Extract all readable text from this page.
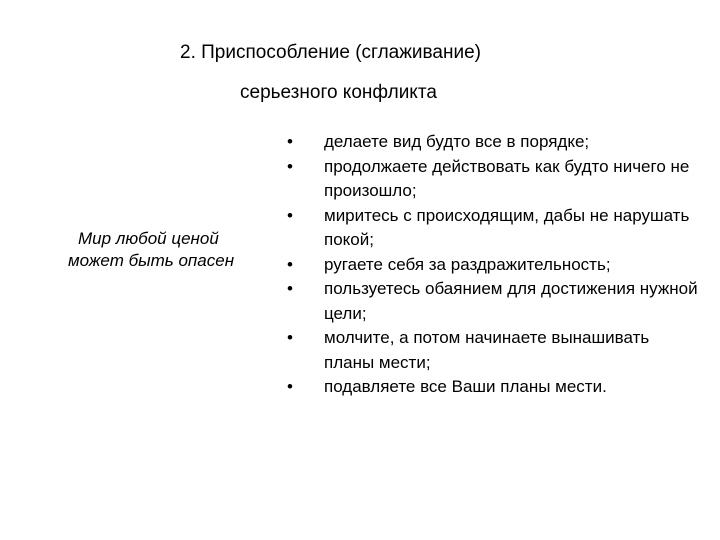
2. Приспособление (сглаживание)
серьезного конфликта
Мир любой ценой
может быть опасен
• делаете вид будто все в порядке;
• продолжаете действовать как будто ничего не произошло;
• миритесь с происходящим, дабы не нарушать покой;
• ругаете себя за раздражительность;
• пользуетесь обаянием для достижения нужной цели;
• молчите, а потом начинаете вынашивать планы мести;
• подавляете все Ваши планы мести.
